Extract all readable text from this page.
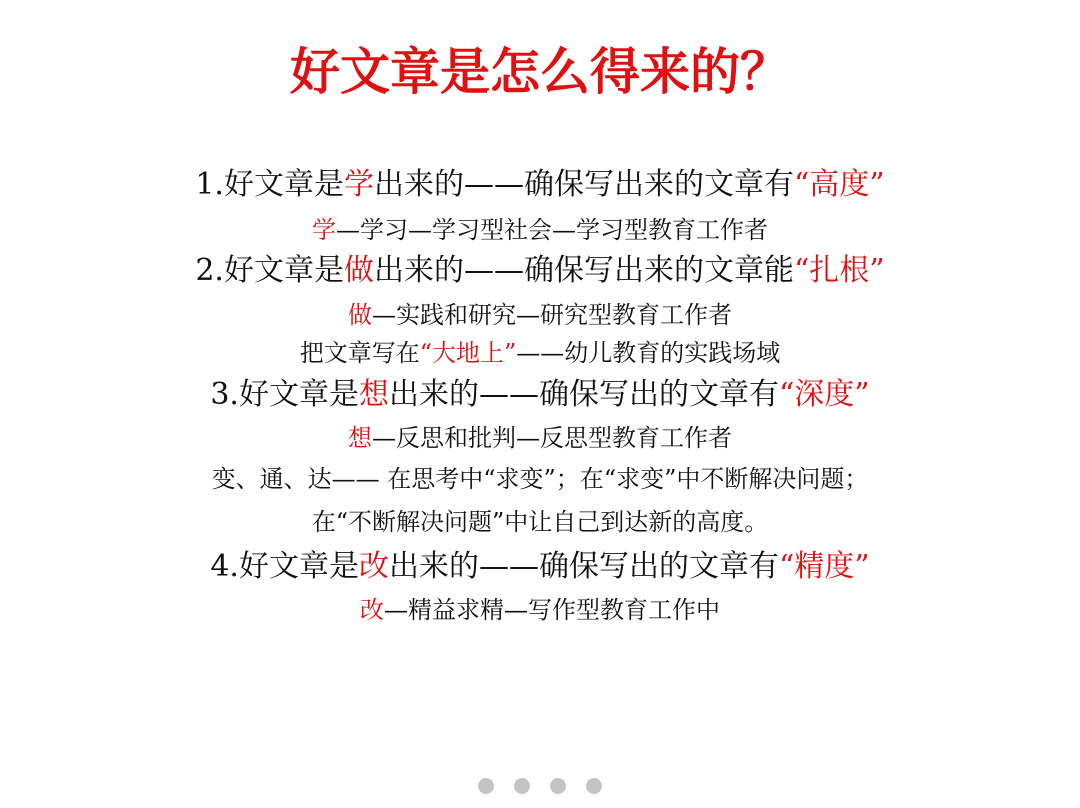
好文章是怎么得来的？

1.好文章是学出来的——确保写出来的文章有“高度”

学—学习—学习型社会—学习型教育工作者

2.好文章是做出来的——确保写出来的文章能“扎根”

做—实践和研究—研究型教育工作者

把文章写在“大地上”——幼儿教育的实践场域

3.好文章是想出来的——确保写出的文章有“深度”

想—反思和批判—反思型教育工作者

变、通、达—— 在思考中“求变”；在“求变”中不断解决问题；

在“不断解决问题”中让自己到达新的高度。

4.好文章是改出来的——确保写出的文章有“精度”

改—精益求精—写作型教育工作中
